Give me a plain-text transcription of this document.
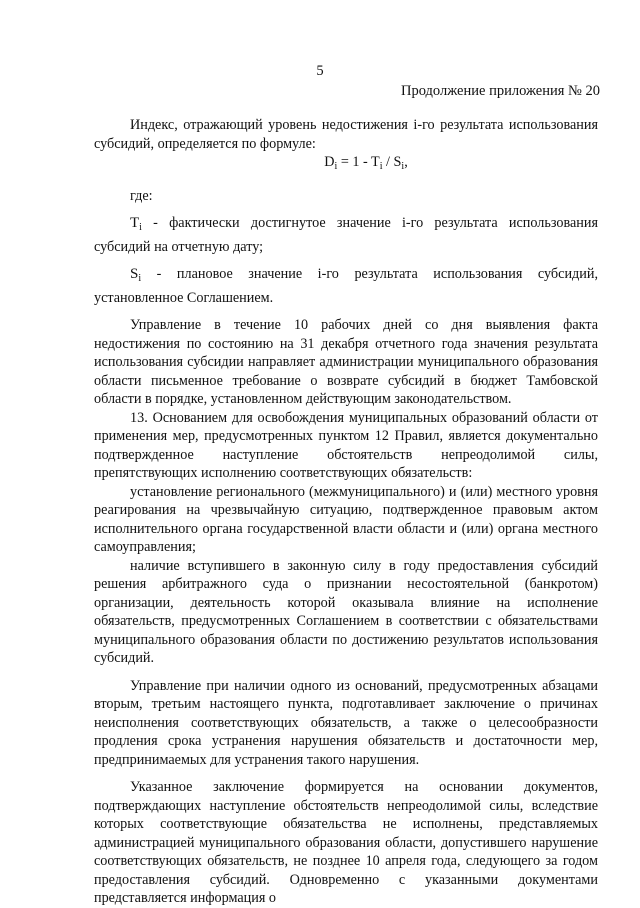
5
Продолжение приложения № 20

Индекс, отражающий уровень недостижения i-го результата использования субсидий, определяется по формуле:

$D_i = 1 - T_i / S_i$,

где:

$T_i$ - фактически достигнутое значение i-го результата использования субсидий на отчетную дату;

$S_i$ - плановое значение i-го результата использования субсидий, установленное Соглашением.

Управление в течение 10 рабочих дней со дня выявления факта недостижения по состоянию на 31 декабря отчетного года значения результата использования субсидии направляет администрации муниципального образования области письменное требование о возврате субсидий в бюджет Тамбовской области в порядке, установленном действующим законодательством.

13. Основанием для освобождения муниципальных образований области от применения мер, предусмотренных пунктом 12 Правил, является документально подтвержденное наступление обстоятельств непреодолимой силы, препятствующих исполнению соответствующих обязательств:

установление регионального (межмуниципального) и (или) местного уровня реагирования на чрезвычайную ситуацию, подтвержденное правовым актом исполнительного органа государственной власти области и (или) органа местного самоуправления;

наличие вступившего в законную силу в году предоставления субсидий решения арбитражного суда о признании несостоятельной (банкротом) организации, деятельность которой оказывала влияние на исполнение обязательств, предусмотренных Соглашением в соответствии с обязательствами муниципального образования области по достижению результатов использования субсидий.

Управление при наличии одного из оснований, предусмотренных абзацами вторым, третьим настоящего пункта, подготавливает заключение о причинах неисполнения соответствующих обязательств, а также о целесообразности продления срока устранения нарушения обязательств и достаточности мер, предпринимаемых для устранения такого нарушения.

Указанное заключение формируется на основании документов, подтверждающих наступление обстоятельств непреодолимой силы, вследствие которых соответствующие обязательства не исполнены, представляемых администрацией муниципального образования области, допустившего нарушение соответствующих обязательств, не позднее 10 апреля года, следующего за годом предоставления субсидий. Одновременно с указанными документами представляется информация о
